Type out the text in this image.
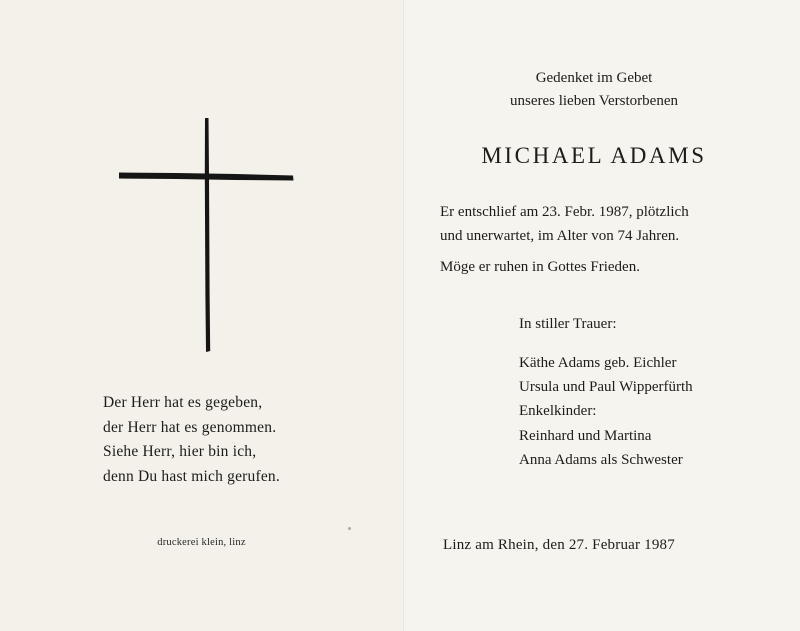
Der Herr hat es gegeben,
der Herr hat es genommen.
Siehe Herr, hier bin ich,
denn Du hast mich gerufen.
druckerei klein, linz
Gedenket im Gebet
unseres lieben Verstorbenen
MICHAEL ADAMS
Er entschlief am 23. Febr. 1987, plötzlich
und unerwartet, im Alter von 74 Jahren.
Möge er ruhen in Gottes Frieden.
In stiller Trauer:
Käthe Adams geb. Eichler
Ursula und Paul Wipperfürth
Enkelkinder:
Reinhard und Martina
Anna Adams als Schwester
Linz am Rhein, den 27. Februar 1987
